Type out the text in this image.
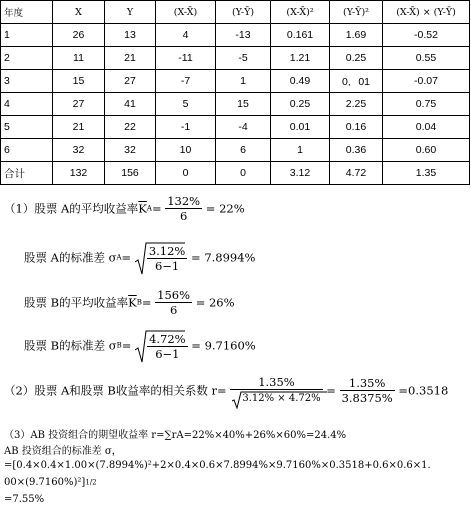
年度	X	Y	(X-X̄)	(Y-Ȳ)	(X-X̄)²	(Y-Ȳ)²	(X-X̄) × (Y-Ȳ)
1	26	13	4	-13	0.161	1.69	-0.52
2	11	21	-11	-5	1.21	0.25	0.55
3	15	27	-7	1	0.49	0．01	-0.07
4	27	41	5	15	0.25	2.25	0.75
5	21	22	-1	-4	0.01	0.16	0.04
6	32	32	10	6	1	0.36	0.60
合计	132	156	0	0	3.12	4.72	1.35
（1）股票 A的平均收益率$\overline{K}A= \frac{132\%}{6} = 22\%$
股票 A的标准差 $\sigma A= \frac{3.12\%}{6-1} = 7.8994\%$
股票 B的平均收益率$\overline{K}B= \frac{156\%}{6} = 26\%$
股票 B的标准差 $\sigma B= \frac{4.72\%}{6-1} = 9.7160\%$
（2）股票 A和股票 B收益率的相关系数 $r= \frac{1.35\%}{3.12\% \times 4.72\%} = \frac{1.35\%}{3.8375\%} =0.3518$
（3）AB 投资组合的期望收益率 r=∑rA=22%×40%+26%×60%=24.4%
AB 投资组合的标准差 σ，
=[0.4×0.4×1.00×(7.8994%)²+2×0.4×0.6×7.8994%×9.7160%×0.3518+0.6×0.6×1.
00×(9.7160%)²]1/2
=7.55%
